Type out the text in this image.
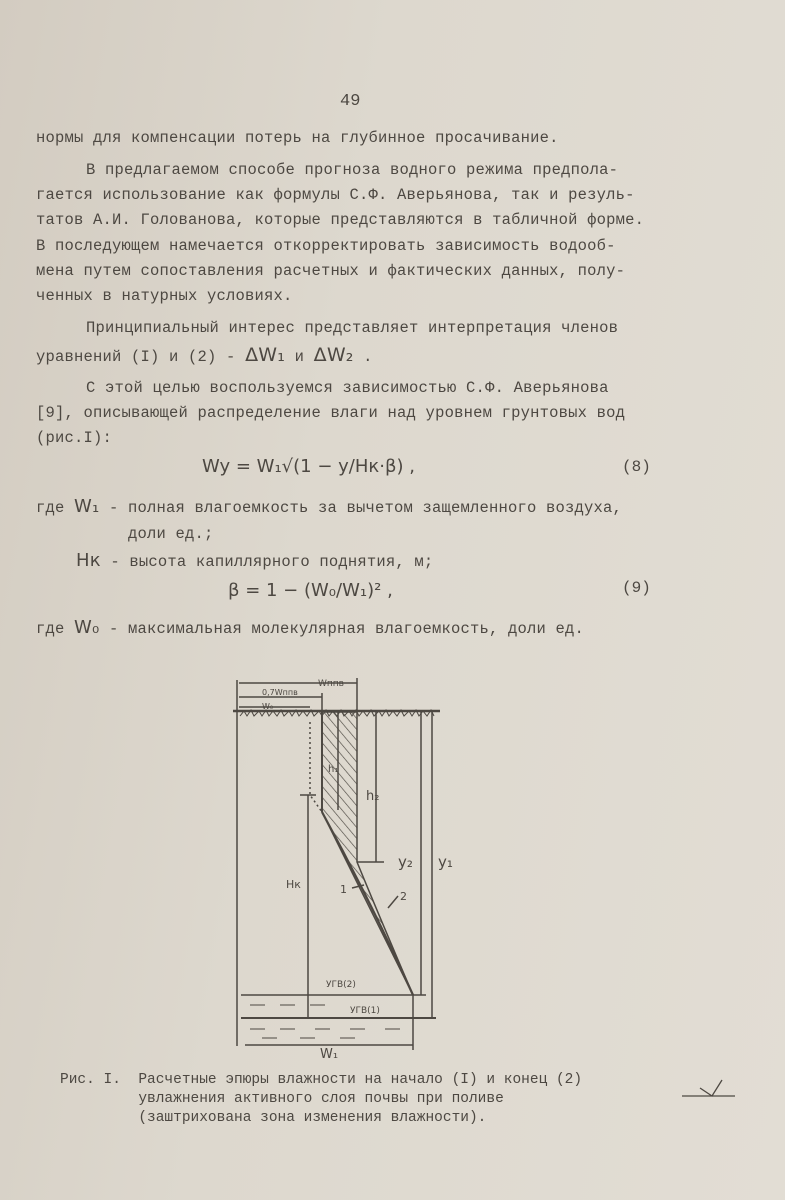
49
нормы для компенсации потерь на глубинное просачивание.
В предлагаемом способе прогноза водного режима предпола-
гается использование как формулы С.Ф. Аверьянова, так и резуль-
татов А.И. Голованова, которые представляются в табличной форме.
В последующем намечается откорректировать зависимость водооб-
мена путем сопоставления расчетных и фактических данных, полу-
ченных в натурных условиях.
Принципиальный интерес представляет интерпретация членов
уравнений (I) и (2) - ΔW₁ и ΔW₂ .
С этой целью воспользуемся зависимостью С.Ф. Аверьянова
[9], описывающей распределение влаги над уровнем грунтовых вод
(рис.I):
Wy = W₁√(1 − y/Hк·β) ,	(8)
где W₁ - полная влагоемкость за вычетом защемленного воздуха,
доли ед.;
Hк - высота капиллярного поднятия, м;
β = 1 − (W₀/W₁)² ,	(9)
где W₀ - максимальная молекулярная влагоемкость, доли ед.
Wппв
0,7Wппв
W₀
h₁
h₂
Hк
y₂ y₁
1
2
УГВ(2)
УГВ(1)
W₁
Рис. I.  Расчетные эпюры влажности на начало (I) и конец (2)
увлажнения активного слоя почвы при поливе
(заштрихована зона изменения влажности).
